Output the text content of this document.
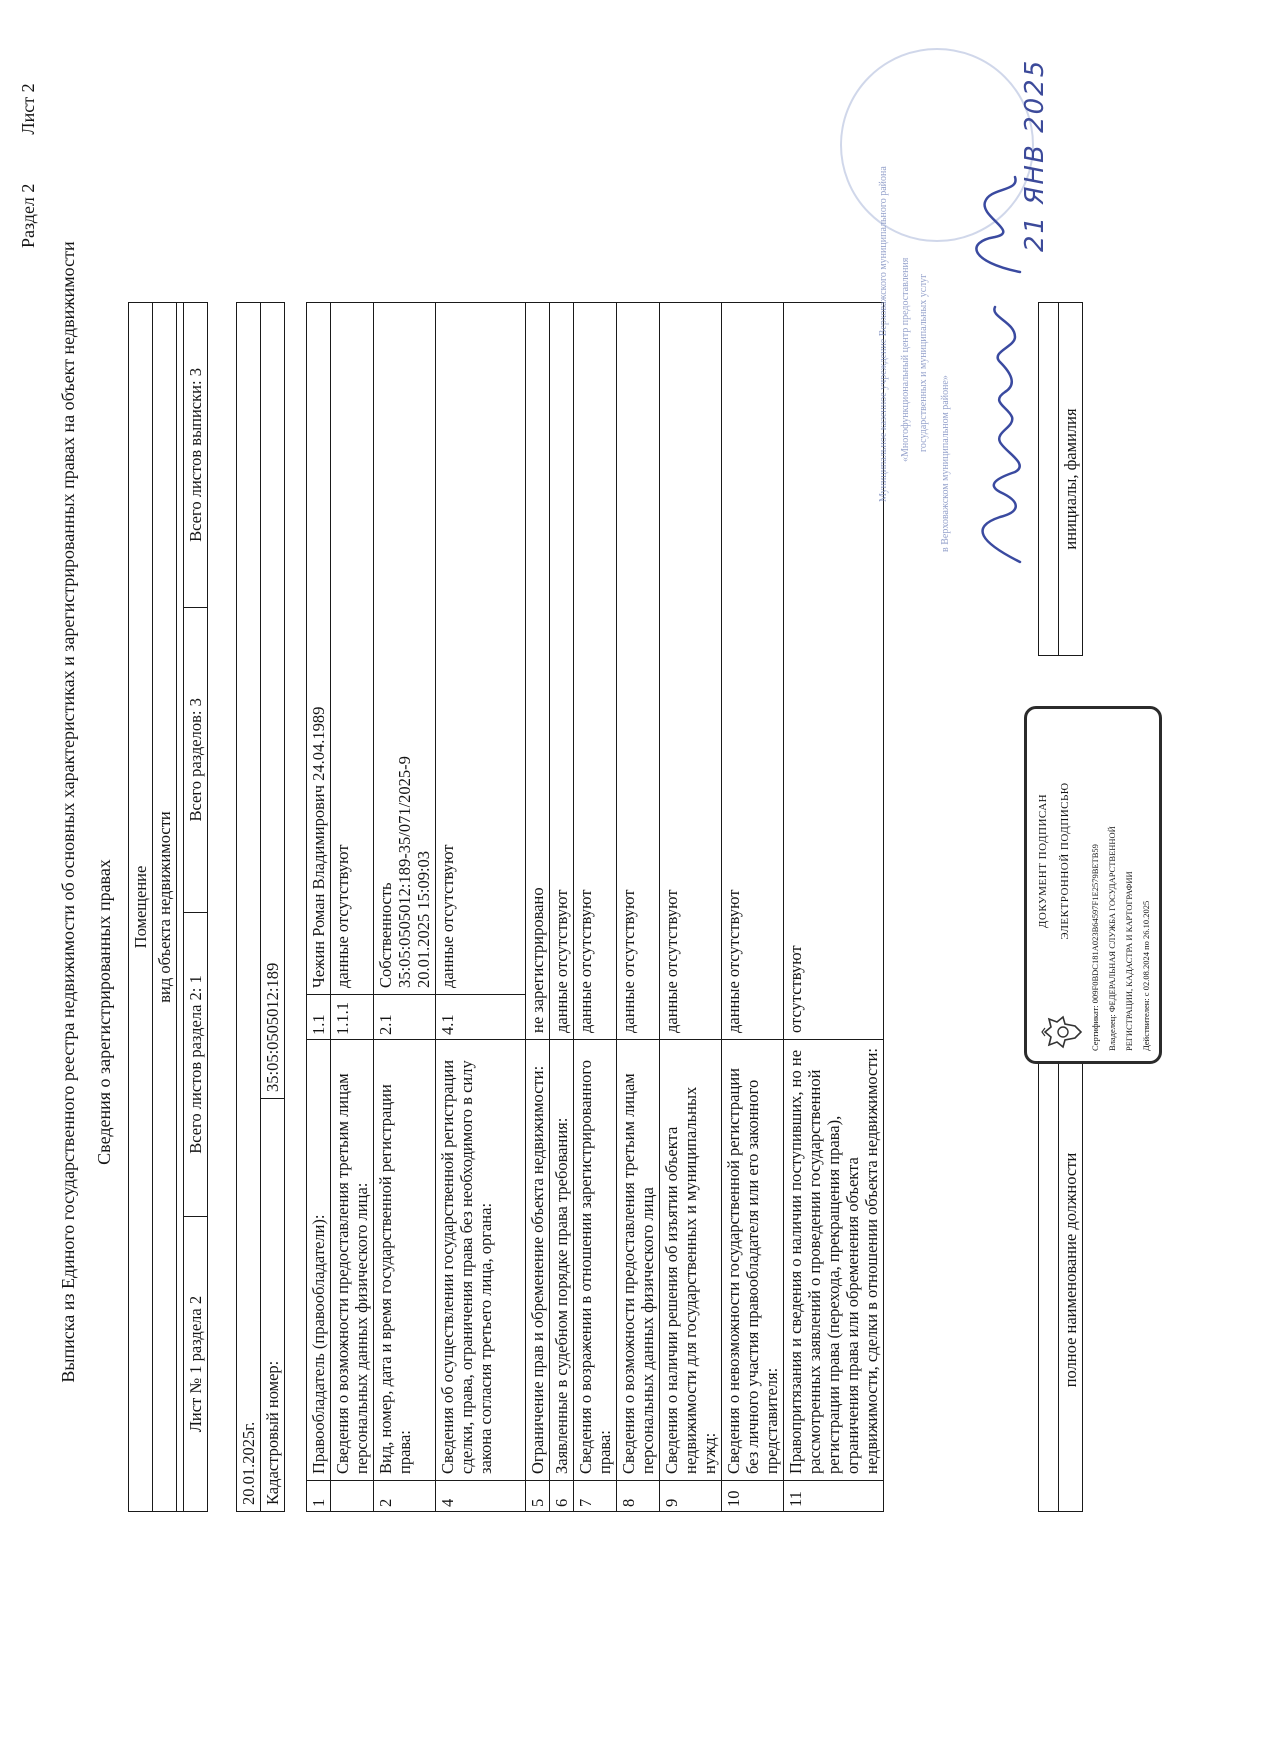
Раздел 2  Лист 2
Выписка из Единого государственного реестра недвижимости об основных характеристиках и зарегистрированных правах на объект недвижимости Сведения о зарегистрированных правах Помещение
вид объекта недвижимости

Лист № 1 раздела 2	Всего листов раздела 2: 1	Всего разделов: 3	Всего листов выписки: 3
20.01.2025г.
Кадастровый номер:	35:05:0505012:189
1	Правообладатель (правообладатели):	1.1	Чежин Роман Владимирович 24.04.1989
	Сведения о возможности предоставления третьим лицам персональных данных физического лица:	1.1.1	данные отсутствуют
2	Вид, номер, дата и время государственной регистрации права:	2.1	Собственность 35:05:0505012:189-35/071/2025-9 20.01.2025 15:09:03

4	Сведения об осуществлении государственной регистрации сделки, права, ограничения права без необходимого в силу закона согласия третьего лица, органа:	4.1	данные отсутствуют
5	Ограничение прав и обременение объекта недвижимости:	не зарегистрировано	
6	Заявленные в судебном порядке права требования:	данные отсутствуют	
7	Сведения о возражении в отношении зарегистрированного права:	данные отсутствуют	
8	Сведения о возможности предоставления третьим лицам персональных данных физического лица	данные отсутствуют	
9	Сведения о наличии решения об изъятии объекта недвижимости для государственных и муниципальных нужд:	данные отсутствуют	
10	Сведения о невозможности государственной регистрации без личного участия правообладателя или его законного представителя:	данные отсутствуют	
11	Правопритязания и сведения о наличии поступивших, но не рассмотренных заявлений о проведении государственной регистрации права (перехода, прекращения права), ограничения права или обременения объекта недвижимости, сделки в отношении объекта недвижимости:	отсутствуют	

полное наименование должности		инициалы, фамилия
ДОКУМЕНТ ПОДПИСАН ЭЛЕКТРОННОЙ ПОДПИСЬЮ	Сертификат: 009F0BDC181A023B64597F1E2579BETB59 Владелец: ФЕДЕРАЛЬНАЯ СЛУЖБА ГОСУДАРСТВЕННОЙ РЕГИСТРАЦИИ, КАДАСТРА И КАРТОГРАФИИ Действителен: с 02.08.2024 по 26.10.2025
Муниципальное казенное учреждение Верховажского муниципального района «Многофункциональный центр предоставления государственных и муниципальных услуг
в Верховажском муниципальном районе»
21 ЯНВ 2025
